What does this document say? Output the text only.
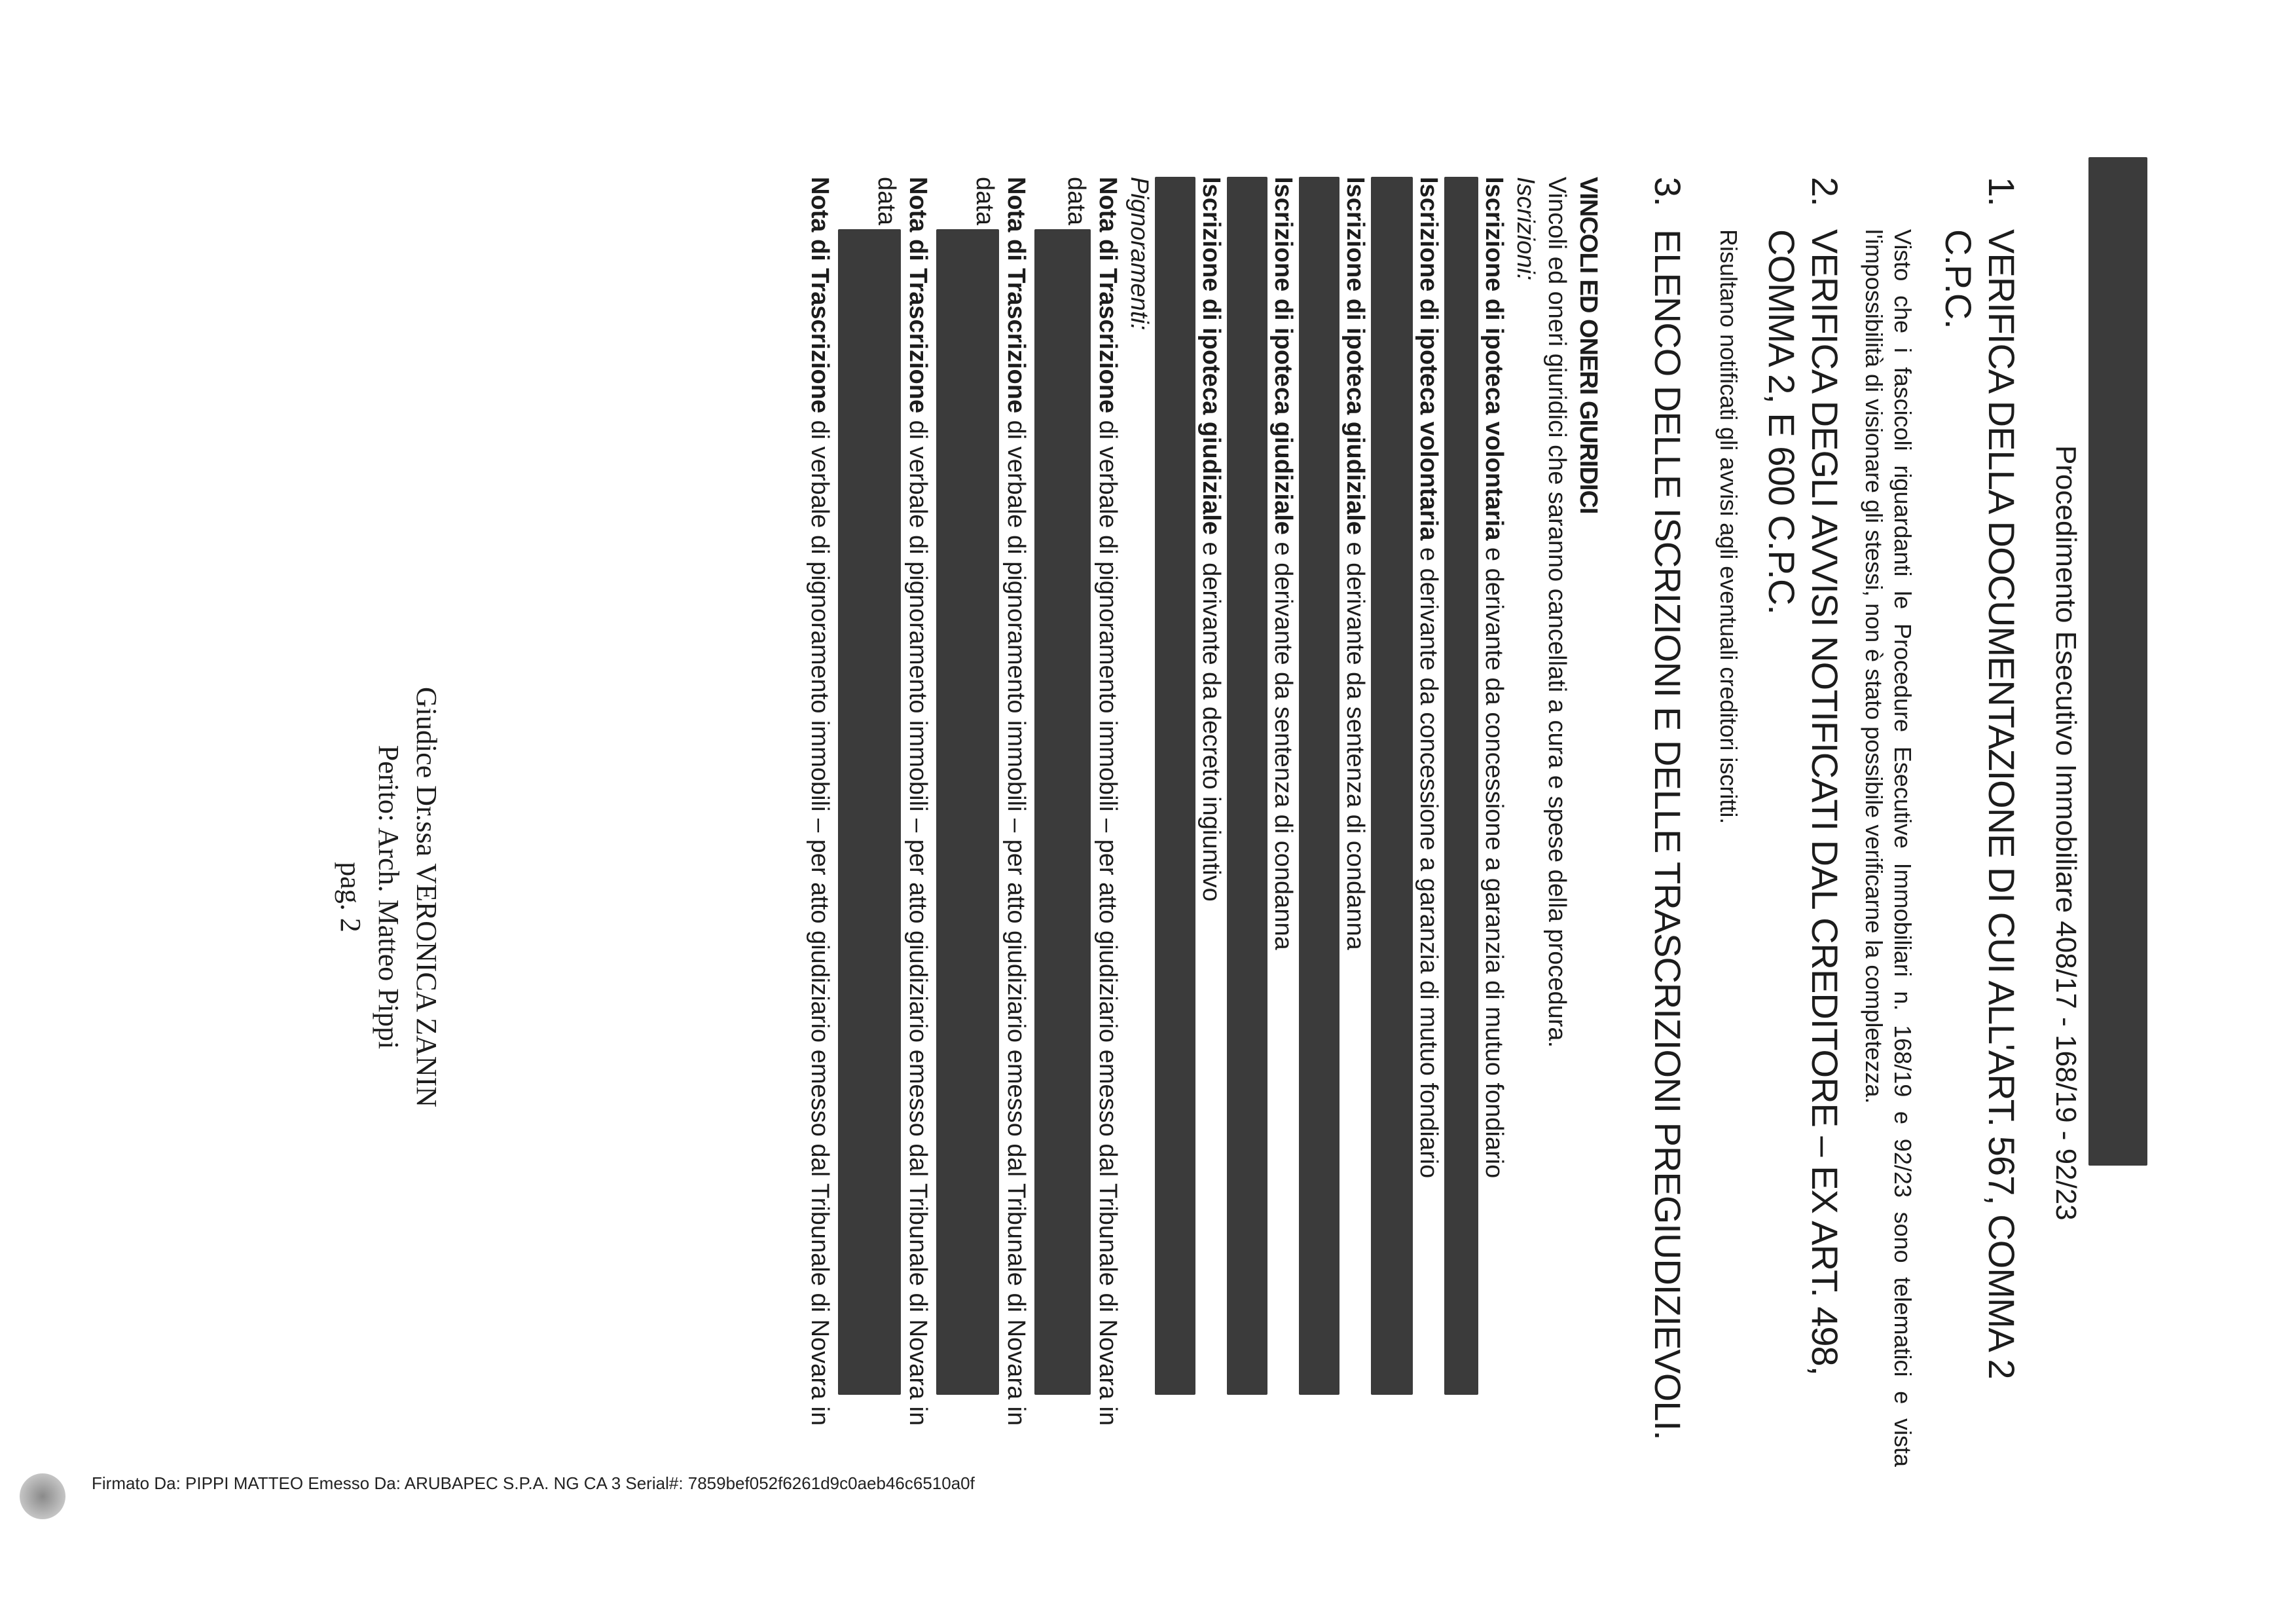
Procedimento Esecutivo Immobiliare 408/17 - 168/19 - 92/23
1.
VERIFICA DELLA DOCUMENTAZIONE DI CUI ALL'ART. 567, COMMA 2 C.P.C.
Visto che i fascicoli riguardanti le Procedure Esecutive Immobiliari n. 168/19 e 92/23 sono telematici e vista l'impossibilità di visionare gli stessi, non è stato possibile verificarne la completezza.
2.
VERIFICA DEGLI AVVISI NOTIFICATI DAL CREDITORE – EX ART. 498, COMMA 2, E 600 C.P.C.
Risultano notificati gli avvisi agli eventuali creditori iscritti.
3.
ELENCO DELLE ISCRIZIONI E DELLE TRASCRIZIONI PREGIUDIZIEVOLI.
VINCOLI ED ONERI GIURIDICI
Vincoli ed oneri giuridici che saranno cancellati a cura e spese della procedura.
Iscrizioni:
Iscrizione di ipoteca volontaria e derivante da concessione a garanzia di mutuo fondiario
Iscrizione di ipoteca volontaria e derivante da concessione a garanzia di mutuo fondiario
Iscrizione di ipoteca giudiziale e derivante da sentenza di condanna
Iscrizione di ipoteca giudiziale e derivante da sentenza di condanna
Iscrizione di ipoteca giudiziale e derivante da decreto ingiuntivo
Pignoramenti:
Nota di Trascrizione di verbale di pignoramento immobili – per atto giudiziario emesso dal Tribunale di Novara in
data
Nota di Trascrizione di verbale di pignoramento immobili – per atto giudiziario emesso dal Tribunale di Novara in
data
Nota di Trascrizione di verbale di pignoramento immobili – per atto giudiziario emesso dal Tribunale di Novara in
data
Nota di Trascrizione di verbale di pignoramento immobili – per atto giudiziario emesso dal Tribunale di Novara in
Giudice Dr.ssa VERONICA ZANIN
Perito: Arch. Matteo Pippi
pag. 2
Firmato Da: PIPPI MATTEO Emesso Da: ARUBAPEC S.P.A. NG CA 3 Serial#: 7859bef052f6261d9c0aeb46c6510a0f
